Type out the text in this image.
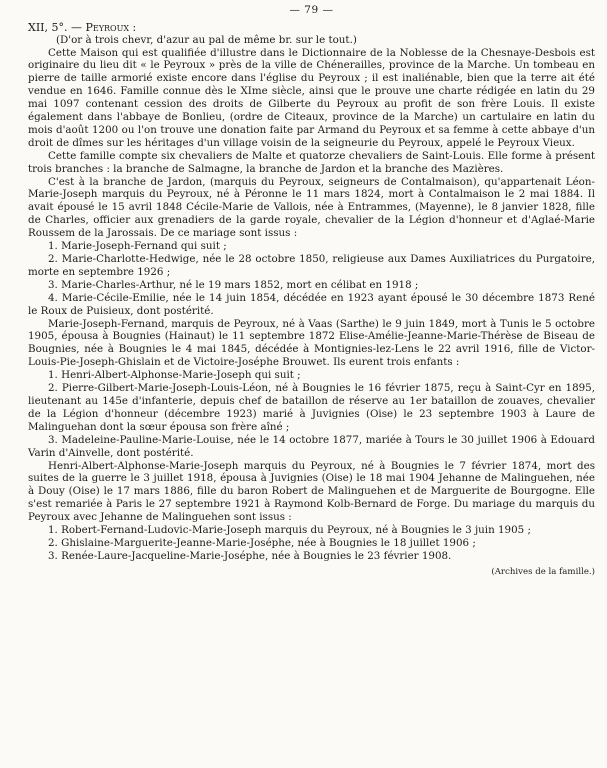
— 79 —
XII, 5°. — Peyroux :
(D'or à trois chevr, d'azur au pal de même br. sur le tout.)

Cette Maison qui est qualifiée d'illustre dans le Dictionnaire de la Noblesse de la Chesnaye-Desbois est originaire du lieu dit « le Peyroux » près de la ville de Chénerailles, province de la Marche. Un tombeau en pierre de taille armorié existe encore dans l'église du Peyroux ; il est inaliénable, bien que la terre ait été vendue en 1646. Famille connue dès le XIme siècle, ainsi que le prouve une charte rédigée en latin du 29 mai 1097 contenant cession des droits de Gilberte du Peyroux au profit de son frère Louis. Il existe également dans l'abbaye de Bonlieu, (ordre de Citeaux, province de la Marche) un cartulaire en latin du mois d'août 1200 ou l'on trouve une donation faite par Armand du Peyroux et sa femme à cette abbaye d'un droit de dîmes sur les héritages d'un village voisin de la seigneurie du Peyroux, appelé le Peyroux Vieux.

Cette famille compte six chevaliers de Malte et quatorze chevaliers de Saint-Louis. Elle forme à présent trois branches : la branche de Salmagne, la branche de Jardon et la branche des Mazières.

C'est à la branche de Jardon, (marquis du Peyroux, seigneurs de Contalmaison), qu'appartenait Léon-Marie-Joseph marquis du Peyroux, né à Péronne le 11 mars 1824, mort à Contalmaison le 2 mai 1884. Il avait épousé le 15 avril 1848 Cécile-Marie de Vallois, née à Entrammes, (Mayenne), le 8 janvier 1828, fille de Charles, officier aux grenadiers de la garde royale, chevalier de la Légion d'honneur et d'Aglaé-Marie Roussem de la Jarossais. De ce mariage sont issus :

1. Marie-Joseph-Fernand qui suit ;
2. Marie-Charlotte-Hedwige, née le 28 octobre 1850, religieuse aux Dames Auxiliatrices du Purgatoire, morte en septembre 1926 ;
3. Marie-Charles-Arthur, né le 19 mars 1852, mort en célibat en 1918 ;
4. Marie-Cécile-Emilie, née le 14 juin 1854, décédée en 1923 ayant épousé le 30 décembre 1873 René le Roux de Puisieux, dont postérité.

Marie-Joseph-Fernand, marquis de Peyroux, né à Vaas (Sarthe) le 9 juin 1849, mort à Tunis le 5 octobre 1905, épousa à Bougnies (Hainaut) le 11 septembre 1872 Elise-Amélie-Jeanne-Marie-Thérèse de Biseau de Bougnies, née à Bougnies le 4 mai 1845, décédée à Montignies-lez-Lens le 22 avril 1916, fille de Victor-Louis-Pie-Joseph-Ghislain et de Victoire-Joséphe Brouwet. Ils eurent trois enfants :

1. Henri-Albert-Alphonse-Marie-Joseph qui suit ;
2. Pierre-Gilbert-Marie-Joseph-Louis-Léon, né à Bougnies le 16 février 1875, reçu à Saint-Cyr en 1895, lieutenant au 145e d'infanterie, depuis chef de bataillon de réserve au 1er bataillon de zouaves, chevalier de la Légion d'honneur (décembre 1923) marié à Juvignies (Oise) le 23 septembre 1903 à Laure de Malinguehan dont la sœur épousa son frère aîné ;
3. Madeleine-Pauline-Marie-Louise, née le 14 octobre 1877, mariée à Tours le 30 juillet 1906 à Edouard Varin d'Ainvelle, dont postérité.

Henri-Albert-Alphonse-Marie-Joseph marquis du Peyroux, né à Bougnies le 7 février 1874, mort des suites de la guerre le 3 juillet 1918, épousa à Juvignies (Oise) le 18 mai 1904 Jehanne de Malinguehen, née à Douy (Oise) le 17 mars 1886, fille du baron Robert de Malinguehen et de Marguerite de Bourgogne. Elle s'est remariée à Paris le 27 septembre 1921 à Raymond Kolb-Bernard de Forge. Du mariage du marquis du Peyroux avec Jehanne de Malinguehen sont issus :

1. Robert-Fernand-Ludovic-Marie-Joseph marquis du Peyroux, né à Bougnies le 3 juin 1905 ;
2. Ghislaine-Marguerite-Jeanne-Marie-Joséphe, née à Bougnies le 18 juillet 1906 ;
3. Renée-Laure-Jacqueline-Marie-Joséphe, née à Bougnies le 23 février 1908.
(Archives de la famille.)
